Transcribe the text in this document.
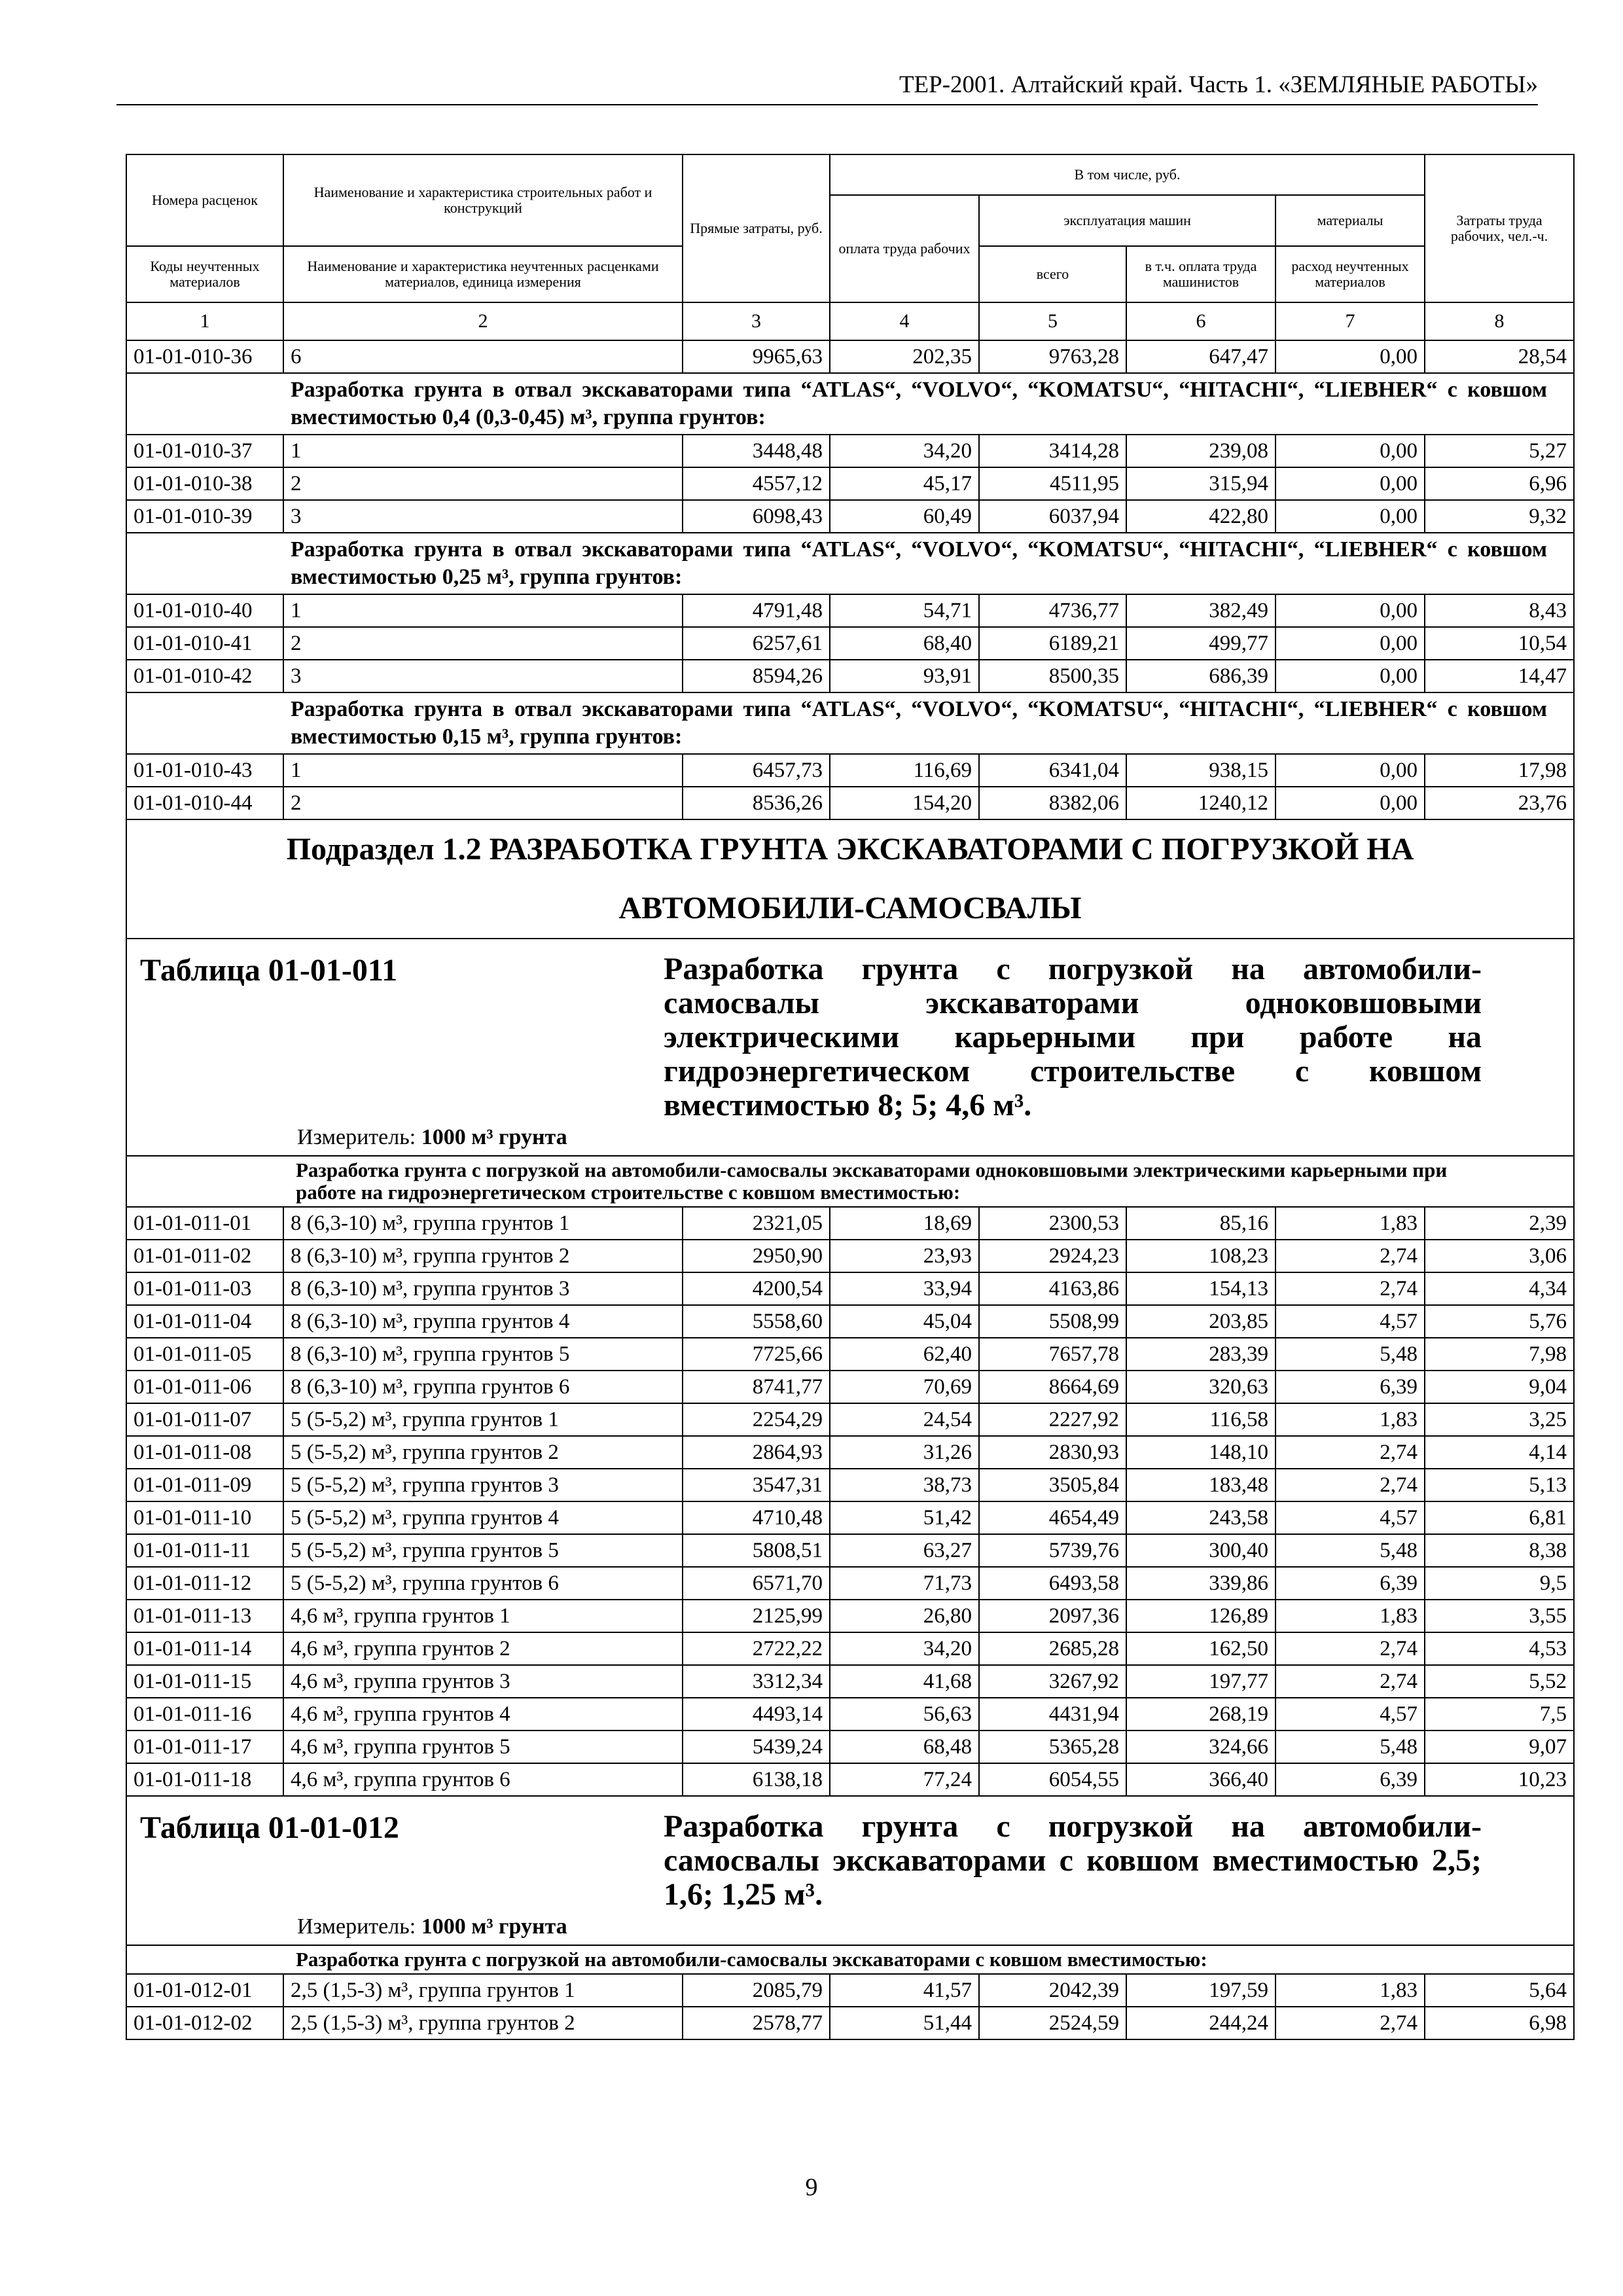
ТЕР-2001. Алтайский край. Часть 1. «ЗЕМЛЯНЫЕ РАБОТЫ»
Номера расценок	Наименование и характеристика строительных работ и конструкций	Прямые затраты, руб.	В том числе, руб.				Затраты труда рабочих, чел.-ч.
			оплата труда рабочих	эксплуатация машин		материалы	
Коды неучтенных материалов	Наименование и характеристика неучтенных расценками материалов, единица измерения			всего	в т.ч. оплата труда машинистов	расход неучтенных материалов	
1	2	3	4	5	6	7	8
01-01-010-36	6	9965,63	202,35	9763,28	647,47	0,00	28,54
Разработка грунта в отвал экскаваторами типа “ATLAS“, “VOLVO“, “KOMATSU“, “HITACHI“, “LIEBHER“ с ковшом вместимостью 0,4 (0,3-0,45) м³, группа грунтов:							
01-01-010-37	1	3448,48	34,20	3414,28	239,08	0,00	5,27
01-01-010-38	2	4557,12	45,17	4511,95	315,94	0,00	6,96
01-01-010-39	3	6098,43	60,49	6037,94	422,80	0,00	9,32
Разработка грунта в отвал экскаваторами типа “ATLAS“, “VOLVO“, “KOMATSU“, “HITACHI“, “LIEBHER“ с ковшом вместимостью 0,25 м³, группа грунтов:							
01-01-010-40	1	4791,48	54,71	4736,77	382,49	0,00	8,43
01-01-010-41	2	6257,61	68,40	6189,21	499,77	0,00	10,54
01-01-010-42	3	8594,26	93,91	8500,35	686,39	0,00	14,47
Разработка грунта в отвал экскаваторами типа “ATLAS“, “VOLVO“, “KOMATSU“, “HITACHI“, “LIEBHER“ с ковшом вместимостью 0,15 м³, группа грунтов:							
01-01-010-43	1	6457,73	116,69	6341,04	938,15	0,00	17,98
01-01-010-44	2	8536,26	154,20	8382,06	1240,12	0,00	23,76
Подраздел 1.2 РАЗРАБОТКА ГРУНТА ЭКСКАВАТОРАМИ С ПОГРУЗКОЙ НА АВТОМОБИЛИ-САМОСВАЛЫ							

Таблица 01-01-011 Разработка грунта с погрузкой на автомобили-самосвалы экскаваторами одноковшовыми электрическими карьерными при работе на гидроэнергетическом строительстве с ковшом вместимостью 8; 5; 4,6 м³.
Измеритель: 1000 м³ грунта							

Разработка грунта с погрузкой на автомобили-самосвалы экскаваторами одноковшовыми электрическими карьерными при работе на гидроэнергетическом строительстве с ковшом вместимостью:							
01-01-011-01	8 (6,3-10) м³, группа грунтов 1	2321,05	18,69	2300,53	85,16	1,83	2,39
01-01-011-02	8 (6,3-10) м³, группа грунтов 2	2950,90	23,93	2924,23	108,23	2,74	3,06
01-01-011-03	8 (6,3-10) м³, группа грунтов 3	4200,54	33,94	4163,86	154,13	2,74	4,34
01-01-011-04	8 (6,3-10) м³, группа грунтов 4	5558,60	45,04	5508,99	203,85	4,57	5,76
01-01-011-05	8 (6,3-10) м³, группа грунтов 5	7725,66	62,40	7657,78	283,39	5,48	7,98
01-01-011-06	8 (6,3-10) м³, группа грунтов 6	8741,77	70,69	8664,69	320,63	6,39	9,04
01-01-011-07	5 (5-5,2) м³, группа грунтов 1	2254,29	24,54	2227,92	116,58	1,83	3,25
01-01-011-08	5 (5-5,2) м³, группа грунтов 2	2864,93	31,26	2830,93	148,10	2,74	4,14
01-01-011-09	5 (5-5,2) м³, группа грунтов 3	3547,31	38,73	3505,84	183,48	2,74	5,13
01-01-011-10	5 (5-5,2) м³, группа грунтов 4	4710,48	51,42	4654,49	243,58	4,57	6,81
01-01-011-11	5 (5-5,2) м³, группа грунтов 5	5808,51	63,27	5739,76	300,40	5,48	8,38
01-01-011-12	5 (5-5,2) м³, группа грунтов 6	6571,70	71,73	6493,58	339,86	6,39	9,5
01-01-011-13	4,6 м³, группа грунтов 1	2125,99	26,80	2097,36	126,89	1,83	3,55
01-01-011-14	4,6 м³, группа грунтов 2	2722,22	34,20	2685,28	162,50	2,74	4,53
01-01-011-15	4,6 м³, группа грунтов 3	3312,34	41,68	3267,92	197,77	2,74	5,52
01-01-011-16	4,6 м³, группа грунтов 4	4493,14	56,63	4431,94	268,19	4,57	7,5
01-01-011-17	4,6 м³, группа грунтов 5	5439,24	68,48	5365,28	324,66	5,48	9,07
01-01-011-18	4,6 м³, группа грунтов 6	6138,18	77,24	6054,55	366,40	6,39	10,23

Таблица 01-01-012 Разработка грунта с погрузкой на автомобили-самосвалы экскаваторами с ковшом вместимостью 2,5; 1,6; 1,25 м³.
Измеритель: 1000 м³ грунта							

Разработка грунта с погрузкой на автомобили-самосвалы экскаваторами с ковшом вместимостью:							
01-01-012-01	2,5 (1,5-3) м³, группа грунтов 1	2085,79	41,57	2042,39	197,59	1,83	5,64
01-01-012-02	2,5 (1,5-3) м³, группа грунтов 2	2578,77	51,44	2524,59	244,24	2,74	6,98
9
